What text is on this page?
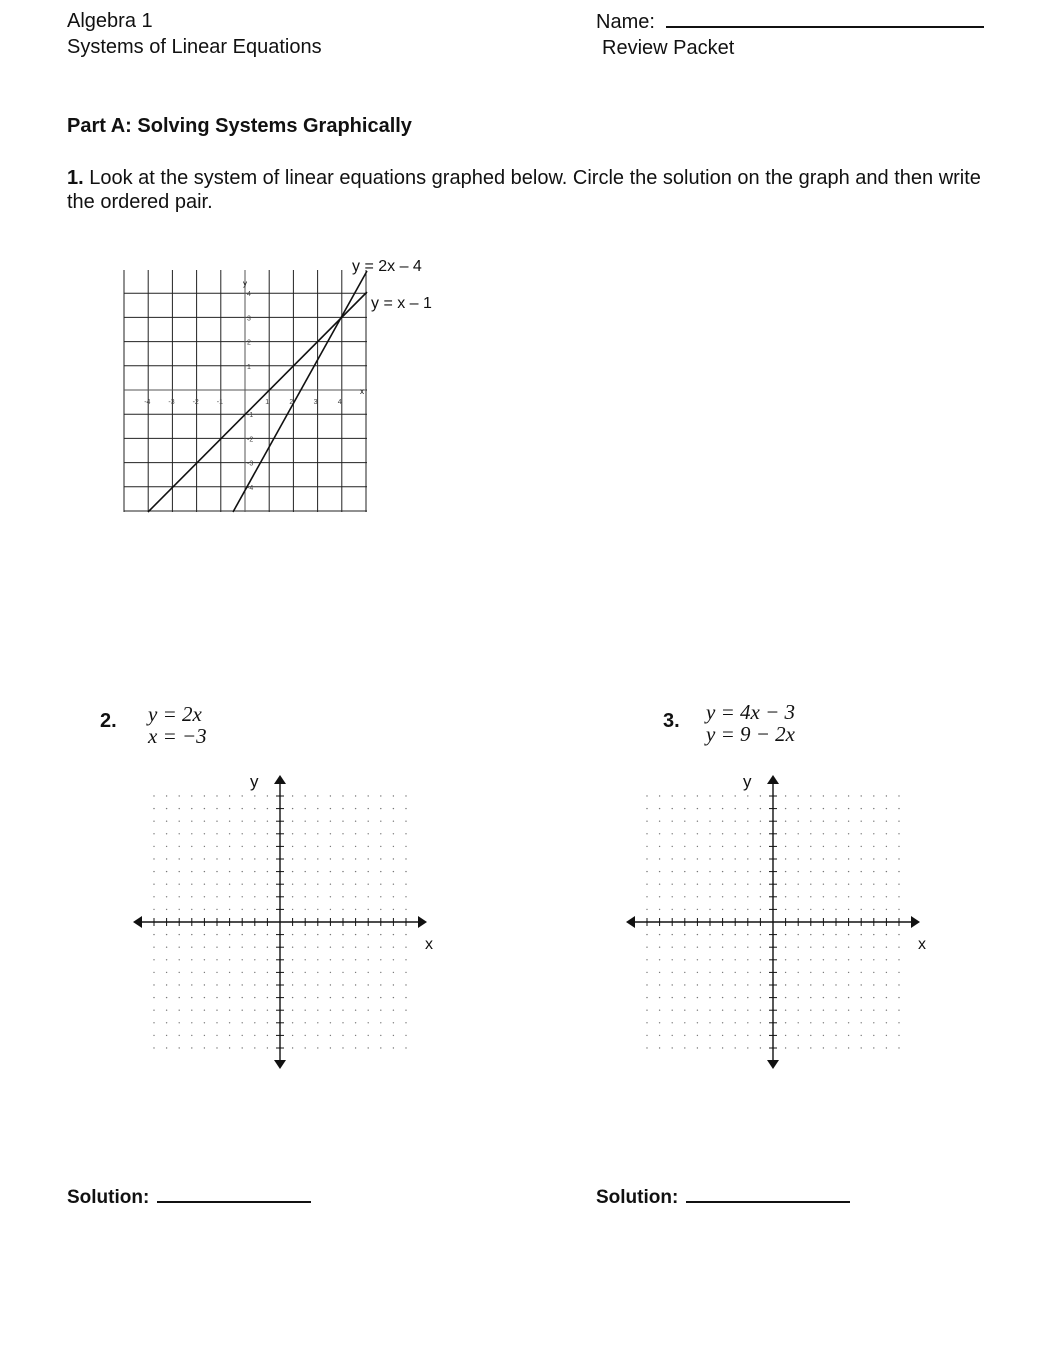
Algebra 1
Systems of Linear Equations
Name:
Review Packet
Part A: Solving Systems Graphically
1. Look at the system of linear equations graphed below. Circle the solution on the graph and then write the ordered pair.
y
x
-4	-3	-2	-1	1	2	3	4
4
3
2
1
-1
-2
-3
-4
y = 2x – 4
y = x – 1
2. y = 2x
x = −3
y
x
3. y = 4x − 3
y = 9 − 2x
y
x
Solution:	Solution:
